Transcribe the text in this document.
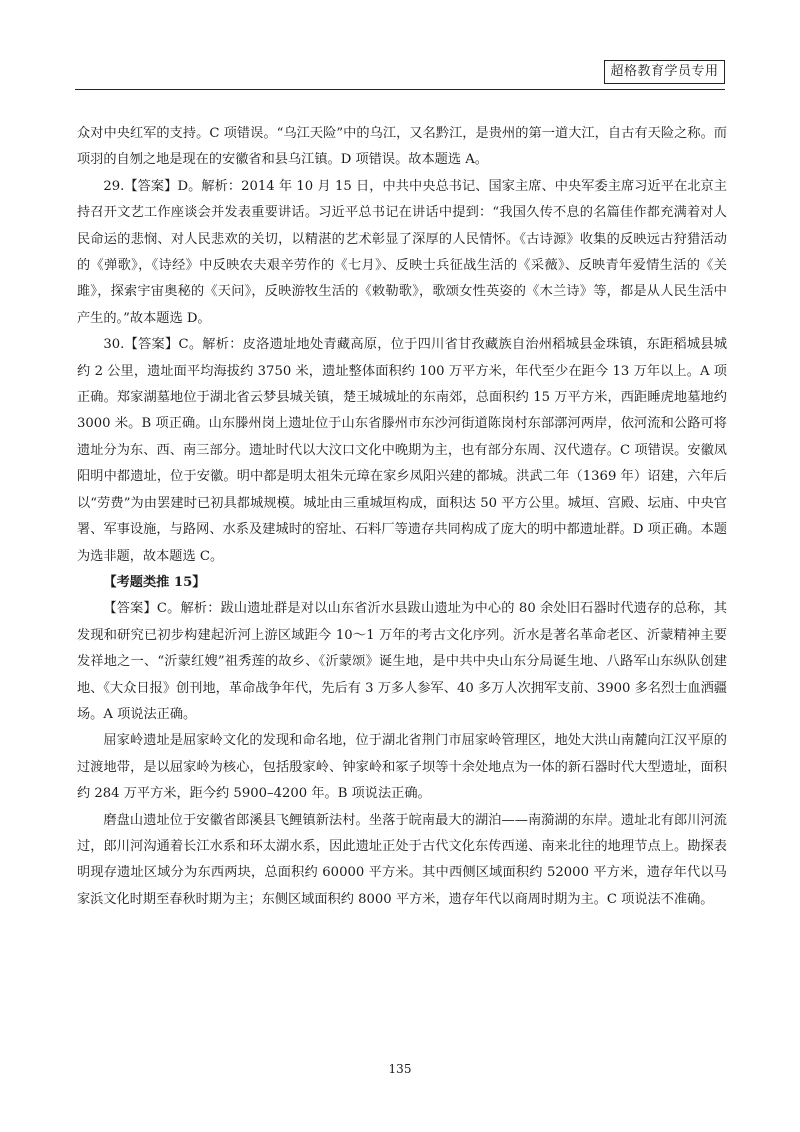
超格教育学员专用

众对中央红军的支持。C 项错误。“乌江天险”中的乌江，又名黔江，是贵州的第一道大江，自古有天险之称。而项羽的自刎之地是现在的安徽省和县乌江镇。D 项错误。故本题选 A。

29.【答案】D。解析：2014 年 10 月 15 日，中共中央总书记、国家主席、中央军委主席习近平在北京主持召开文艺工作座谈会并发表重要讲话。习近平总书记在讲话中提到：“我国久传不息的名篇佳作都充满着对人民命运的悲悯、对人民悲欢的关切，以精湛的艺术彰显了深厚的人民情怀。《古诗源》收集的反映远古狩猎活动的《弹歌》，《诗经》中反映农夫艰辛劳作的《七月》、反映士兵征战生活的《采薇》、反映青年爱情生活的《关雎》，探索宇宙奥秘的《天问》，反映游牧生活的《敕勒歌》，歌颂女性英姿的《木兰诗》等，都是从人民生活中产生的。”故本题选 D。

30.【答案】C。解析：皮洛遗址地处青藏高原，位于四川省甘孜藏族自治州稻城县金珠镇，东距稻城县城约 2 公里，遗址面平均海拔约 3750 米，遗址整体面积约 100 万平方米，年代至少在距今 13 万年以上。A 项正确。郑家湖墓地位于湖北省云梦县城关镇，楚王城城址的东南郊，总面积约 15 万平方米，西距睡虎地墓地约 3000 米。B 项正确。山东滕州岗上遗址位于山东省滕州市东沙河街道陈岗村东部漷河两岸，依河流和公路可将遗址分为东、西、南三部分。遗址时代以大汶口文化中晚期为主，也有部分东周、汉代遗存。C 项错误。安徽凤阳明中都遗址，位于安徽。明中都是明太祖朱元璋在家乡凤阳兴建的都城。洪武二年（1369 年）诏建，六年后以“劳费”为由罢建时已初具都城规模。城址由三重城垣构成，面积达 50 平方公里。城垣、宫殿、坛庙、中央官署、军事设施，与路网、水系及建城时的窑址、石料厂等遗存共同构成了庞大的明中都遗址群。D 项正确。本题为选非题，故本题选 C。

【考题类推 15】

【答案】C。解析：跋山遗址群是对以山东省沂水县跋山遗址为中心的 80 余处旧石器时代遗存的总称，其发现和研究已初步构建起沂河上游区域距今 10～1 万年的考古文化序列。沂水是著名革命老区、沂蒙精神主要发祥地之一、“沂蒙红嫂”祖秀莲的故乡、《沂蒙颂》诞生地，是中共中央山东分局诞生地、八路军山东纵队创建地、《大众日报》创刊地，革命战争年代，先后有 3 万多人参军、40 多万人次拥军支前、3900 多名烈士血洒疆场。A 项说法正确。

屈家岭遗址是屈家岭文化的发现和命名地，位于湖北省荆门市屈家岭管理区，地处大洪山南麓向江汉平原的过渡地带，是以屈家岭为核心，包括殷家岭、钟家岭和冢子坝等十余处地点为一体的新石器时代大型遗址，面积约 284 万平方米，距今约 5900–4200 年。B 项说法正确。

磨盘山遗址位于安徽省郎溪县飞鲤镇新法村。坐落于皖南最大的湖泊——南漪湖的东岸。遗址北有郎川河流过，郎川河沟通着长江水系和环太湖水系，因此遗址正处于古代文化东传西递、南来北往的地理节点上。勘探表明现存遗址区域分为东西两块，总面积约 60000 平方米。其中西侧区域面积约 52000 平方米，遗存年代以马家浜文化时期至春秋时期为主；东侧区域面积约 8000 平方米，遗存年代以商周时期为主。C 项说法不准确。

135
